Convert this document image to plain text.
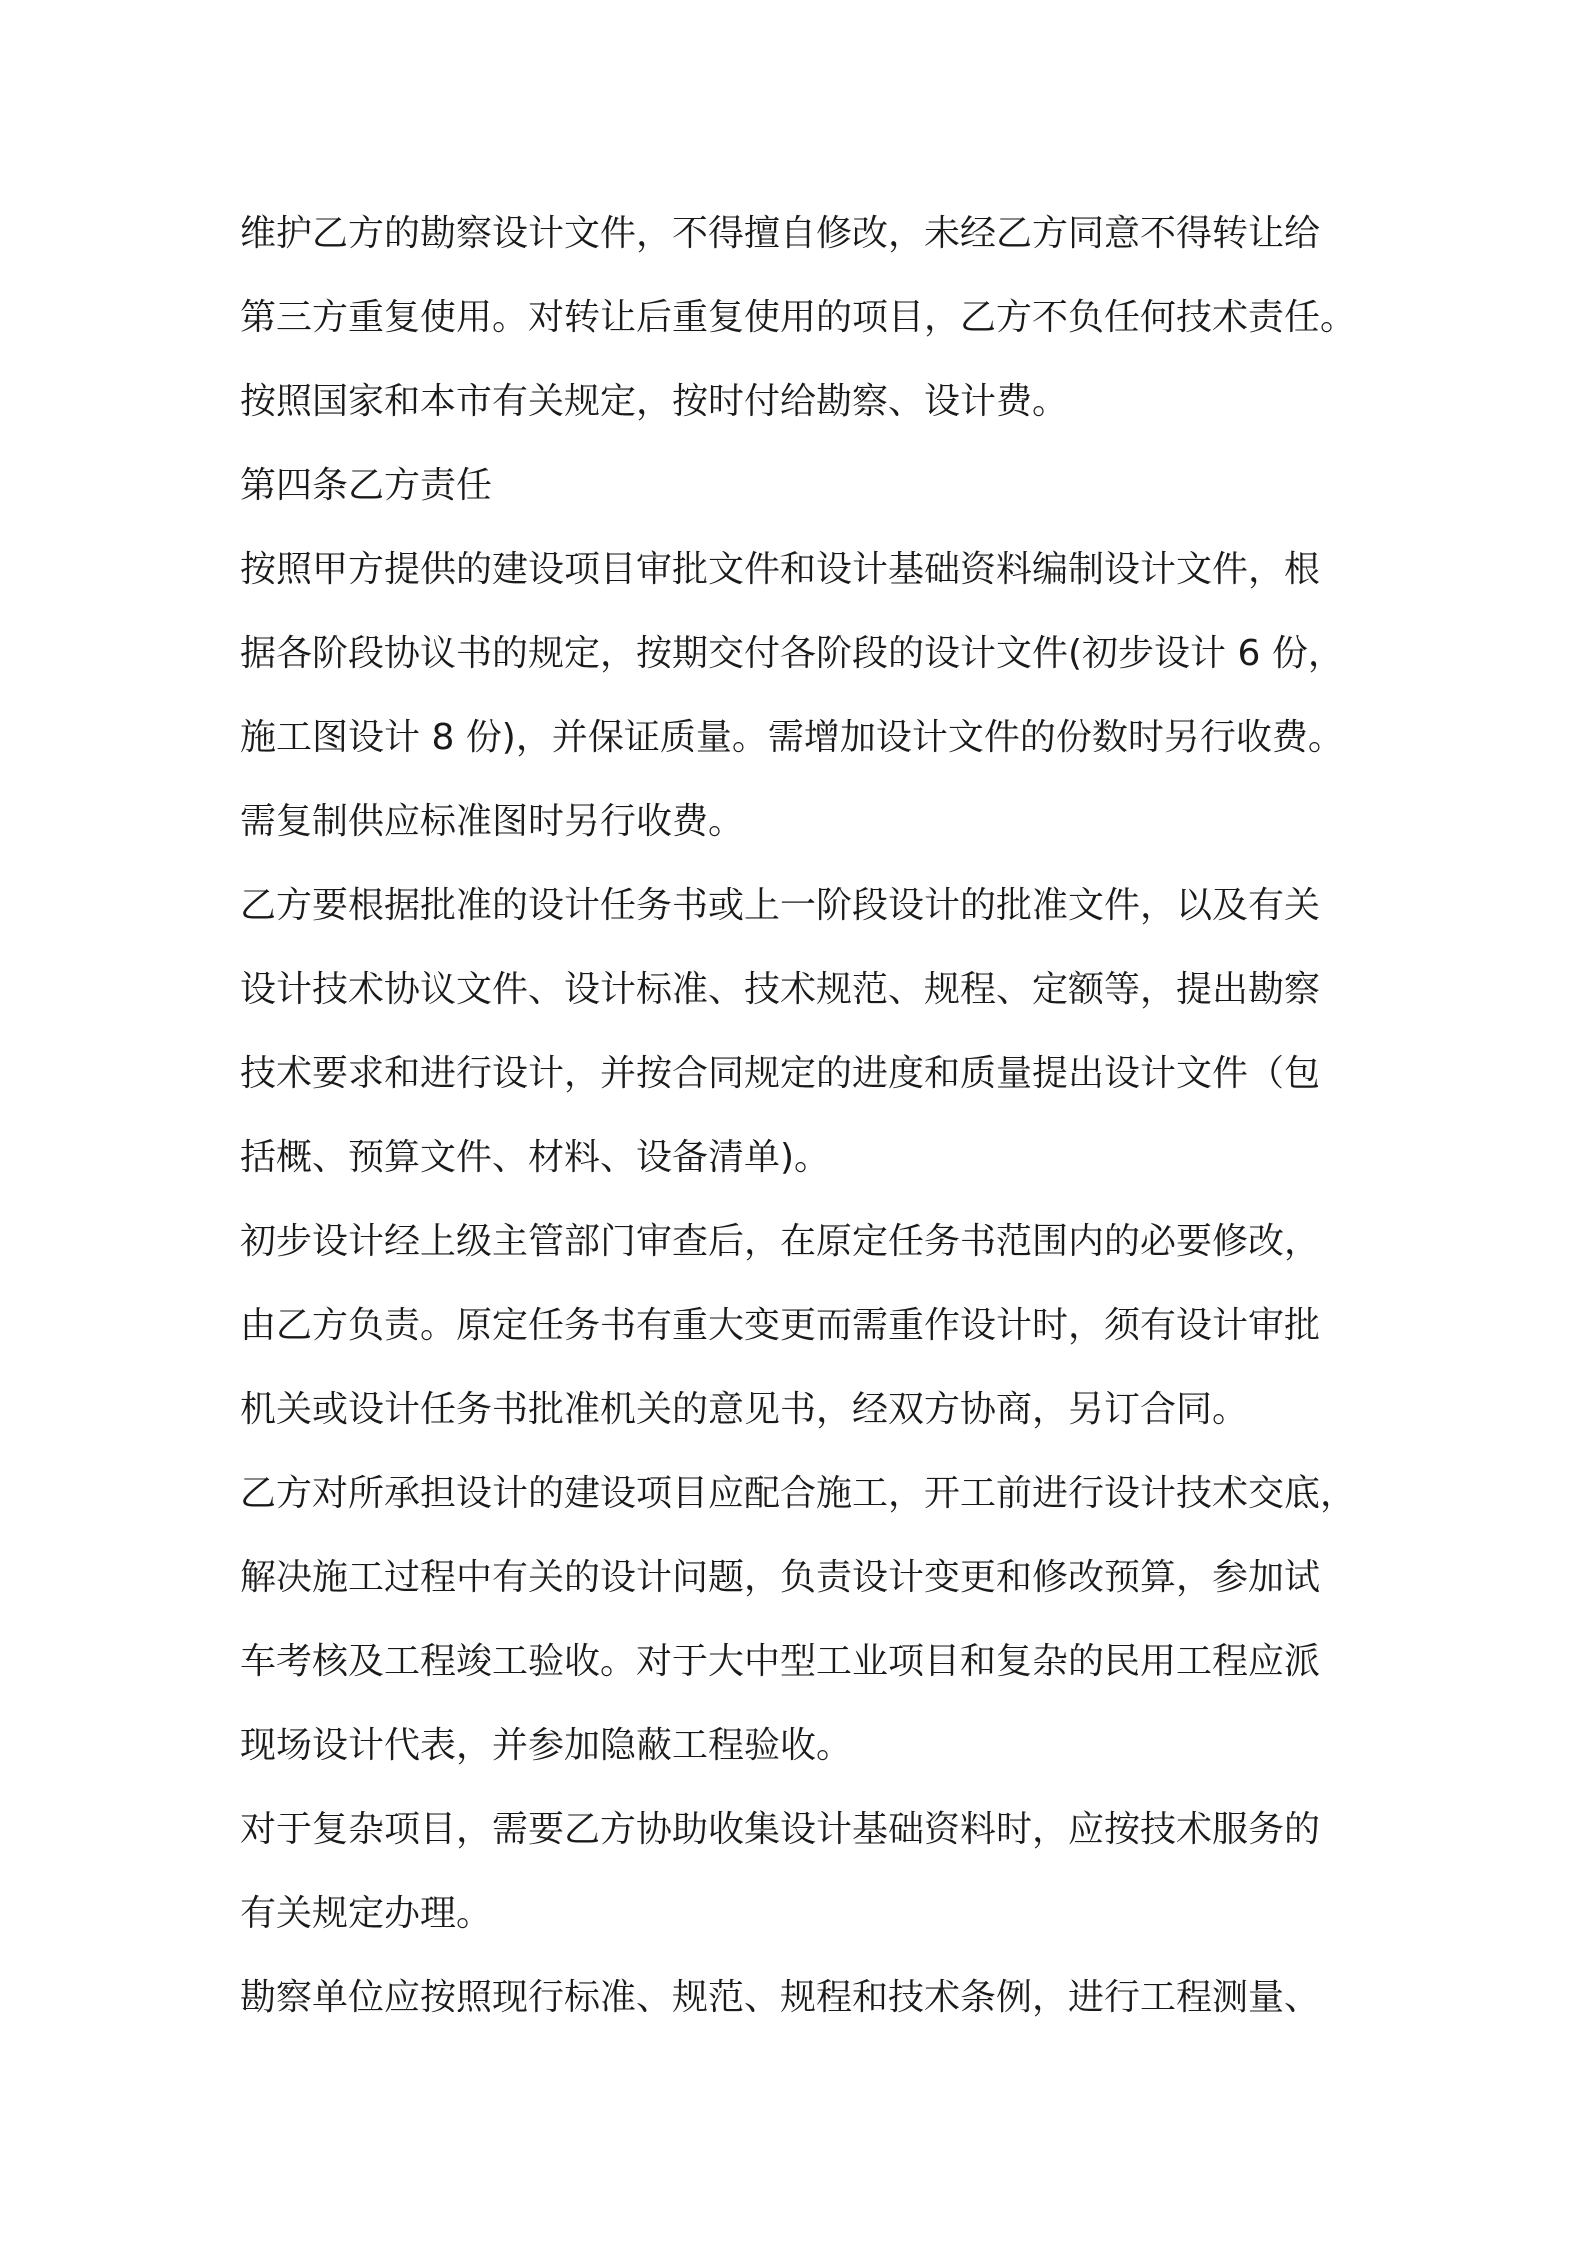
维护乙方的勘察设计文件，不得擅自修改，未经乙方同意不得转让给
第三方重复使用。对转让后重复使用的项目，乙方不负任何技术责任。
按照国家和本市有关规定，按时付给勘察、设计费。
第四条乙方责任
按照甲方提供的建设项目审批文件和设计基础资料编制设计文件，根
据各阶段协议书的规定，按期交付各阶段的设计文件(初步设计 6 份，
施工图设计 8 份)，并保证质量。需增加设计文件的份数时另行收费。
需复制供应标准图时另行收费。
乙方要根据批准的设计任务书或上一阶段设计的批准文件，以及有关
设计技术协议文件、设计标准、技术规范、规程、定额等，提出勘察
技术要求和进行设计，并按合同规定的进度和质量提出设计文件（包
括概、预算文件、材料、设备清单)。
初步设计经上级主管部门审查后，在原定任务书范围内的必要修改，
由乙方负责。原定任务书有重大变更而需重作设计时，须有设计审批
机关或设计任务书批准机关的意见书，经双方协商，另订合同。
乙方对所承担设计的建设项目应配合施工，开工前进行设计技术交底，
解决施工过程中有关的设计问题，负责设计变更和修改预算，参加试
车考核及工程竣工验收。对于大中型工业项目和复杂的民用工程应派
现场设计代表，并参加隐蔽工程验收。
对于复杂项目，需要乙方协助收集设计基础资料时，应按技术服务的
有关规定办理。
勘察单位应按照现行标准、规范、规程和技术条例，进行工程测量、
